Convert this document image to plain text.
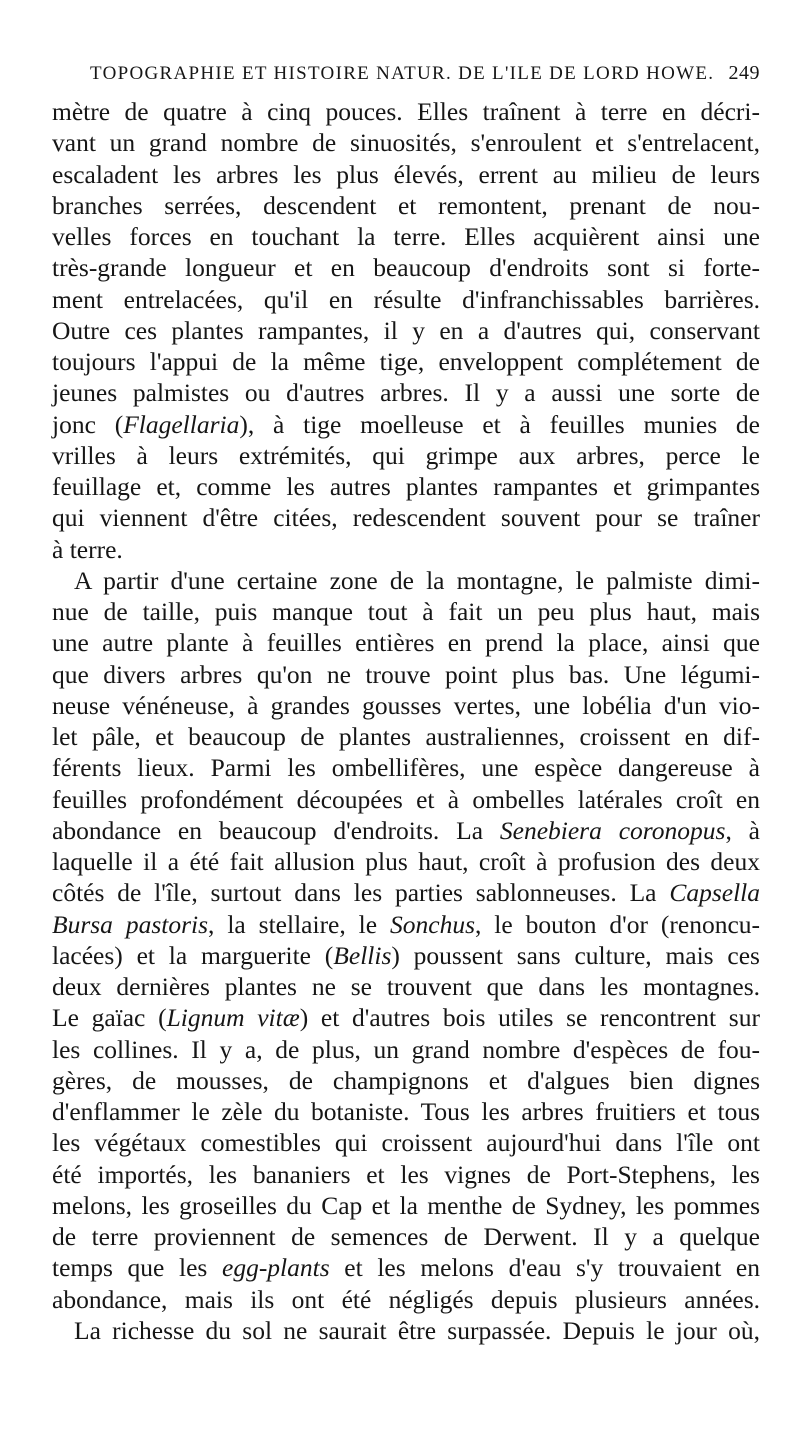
TOPOGRAPHIE ET HISTOIRE NATUR. DE L'ILE DE LORD HOWE. 249
mètre de quatre à cinq pouces. Elles traînent à terre en décri-
vant un grand nombre de sinuosités, s'enroulent et s'entrelacent,
escaladent les arbres les plus élevés, errent au milieu de leurs
branches serrées, descendent et remontent, prenant de nou-
velles forces en touchant la terre. Elles acquièrent ainsi une
très-grande longueur et en beaucoup d'endroits sont si forte-
ment entrelacées, qu'il en résulte d'infranchissables barrières.
Outre ces plantes rampantes, il y en a d'autres qui, conservant
toujours l'appui de la même tige, enveloppent complétement de
jeunes palmistes ou d'autres arbres. Il y a aussi une sorte de
jonc (Flagellaria), à tige moelleuse et à feuilles munies de
vrilles à leurs extrémités, qui grimpe aux arbres, perce le
feuillage et, comme les autres plantes rampantes et grimpantes
qui viennent d'être citées, redescendent souvent pour se traîner
à terre.
A partir d'une certaine zone de la montagne, le palmiste dimi-
nue de taille, puis manque tout à fait un peu plus haut, mais
une autre plante à feuilles entières en prend la place, ainsi que
que divers arbres qu'on ne trouve point plus bas. Une légumi-
neuse vénéneuse, à grandes gousses vertes, une lobélia d'un vio-
let pâle, et beaucoup de plantes australiennes, croissent en dif-
férents lieux. Parmi les ombellifères, une espèce dangereuse à
feuilles profondément découpées et à ombelles latérales croît en
abondance en beaucoup d'endroits. La Senebiera coronopus, à
laquelle il a été fait allusion plus haut, croît à profusion des deux
côtés de l'île, surtout dans les parties sablonneuses. La Capsella
Bursa pastoris, la stellaire, le Sonchus, le bouton d'or (renoncu-
lacées) et la marguerite (Bellis) poussent sans culture, mais ces
deux dernières plantes ne se trouvent que dans les montagnes.
Le gaïac (Lignum vitæ) et d'autres bois utiles se rencontrent sur
les collines. Il y a, de plus, un grand nombre d'espèces de fou-
gères, de mousses, de champignons et d'algues bien dignes
d'enflammer le zèle du botaniste. Tous les arbres fruitiers et tous
les végétaux comestibles qui croissent aujourd'hui dans l'île ont
été importés, les bananiers et les vignes de Port-Stephens, les
melons, les groseilles du Cap et la menthe de Sydney, les pommes
de terre proviennent de semences de Derwent. Il y a quelque
temps que les egg-plants et les melons d'eau s'y trouvaient en
abondance, mais ils ont été négligés depuis plusieurs années.
La richesse du sol ne saurait être surpassée. Depuis le jour où,
